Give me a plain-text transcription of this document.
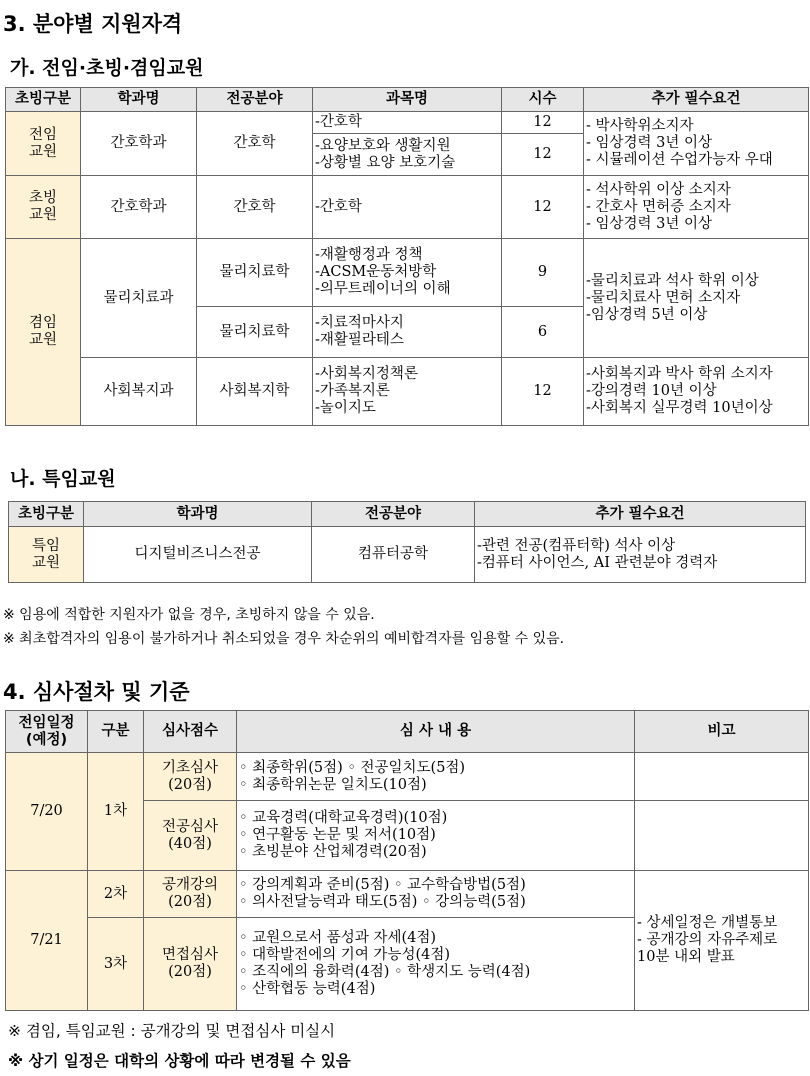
3. 분야별 지원자격
가. 전임·초빙·겸임교원
초빙구분	학과명	전공분야	과목명	시수	추가 필수요건

전임
교원	간호학과	간호학	-간호학	12	- 박사학위소지자
- 임상경력 3년 이상
- 시뮬레이션 수업가능자 우대

			-요양보호와 생활지원
-상황별 요양 보호기술	12	

초빙
교원	간호학과	간호학	-간호학	12	- 석사학위 이상 소지자
- 간호사 면허증 소지자
- 임상경력 3년 이상

겸임
교원	물리치료과	물리치료학	-재활행정과 정책
-ACSM운동처방학
-의무트레이너의 이해	9	-물리치료과 석사 학위 이상
-물리치료사 면허 소지자
-임상경력 5년 이상

		물리치료학	-치료적마사지
-재활필라테스	6	
	사회복지과	사회복지학	-사회복지정책론
-가족복지론
-놀이지도	12	-사회복지과 박사 학위 소지자
-강의경력 10년 이상
-사회복지 실무경력 10년이상
나. 특임교원
초빙구분	학과명	전공분야	추가 필수요건

특임
교원	디지털비즈니스전공	컴퓨터공학	-관련 전공(컴퓨터학) 석사 이상
-컴퓨터 사이언스, AI 관련분야 경력자
※ 임용에 적합한 지원자가 없을 경우, 초빙하지 않을 수 있음.
※ 최초합격자의 임용이 불가하거나 취소되었을 경우 차순위의 예비합격자를 임용할 수 있음.
4. 심사절차 및 기준
전임일정
(예정)	구분	심사점수	심 사 내 용	비고
7/20	1차	기초심사
(20점)	◦ 최종학위(5점) ◦ 전공일치도(5점)
◦ 최종학위논문 일치도(10점)	

		전공심사
(40점)	◦ 교육경력(대학교육경력)(10점)
◦ 연구활동 논문 및 저서(10점)
◦ 초빙분야 산업체경력(20점)	

7/21	2차	공개강의
(20점)	◦ 강의계획과 준비(5점) ◦ 교수학습방법(5점)
◦ 의사전달능력과 태도(5점) ◦ 강의능력(5점)	- 상세일정은 개별통보
- 공개강의 자유주제로
10분 내외 발표

	3차	면접심사
(20점)	◦ 교원으로서 품성과 자세(4점)
◦ 대학발전에의 기여 가능성(4점)
◦ 조직에의 융화력(4점) ◦ 학생지도 능력(4점)
◦ 산학협동 능력(4점)	
※ 겸임, 특임교원 : 공개강의 및 면접심사 미실시
※ 상기 일정은 대학의 상황에 따라 변경될 수 있음
